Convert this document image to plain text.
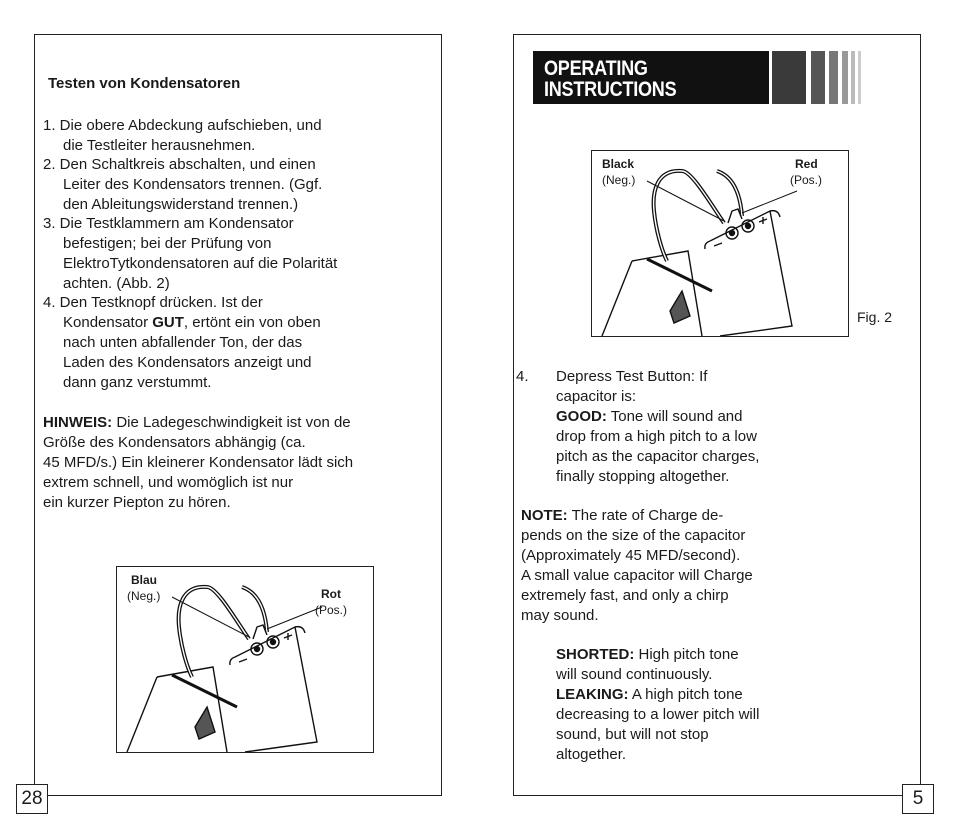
Testen von Kondensatoren
1. Die obere Abdeckung aufschieben, und
die Testleiter herausnehmen.
2. Den Schaltkreis abschalten, und einen
Leiter des Kondensators trennen. (Ggf.
den Ableitungswiderstand trennen.)
3. Die Testklammern am Kondensator
befestigen; bei der Prüfung von
ElektroTytkondensatoren auf die Polarität
achten. (Abb. 2)
4. Den Testknopf drücken. Ist der
Kondensator GUT, ertönt ein von oben
nach unten abfallender Ton, der das
Laden des Kondensators anzeigt und
dann ganz verstummt.
HINWEIS: Die Ladegeschwindigkeit ist von de
Größe des Kondensators abhängig (ca.
45 MFD/s.) Ein kleinerer Kondensator lädt sich
extrem schnell, und womöglich ist nur
ein kurzer Piepton zu hören.
Blau
(Neg.)	Rot
(Pos.)
28
OPERATING
INSTRUCTIONS
Black
(Neg.)
Red
(Pos.)
Fig. 2
4. Depress Test Button: If
capacitor is:
GOOD: Tone will sound and
drop from a high pitch to a low
pitch as the capacitor charges,
finally stopping altogether.
NOTE: The rate of Charge de-
pends on the size of the capacitor
(Approximately 45 MFD/second).
A small value capacitor will Charge
extremely fast, and only a chirp
may sound.
SHORTED: High pitch tone
will sound continuously.
LEAKING: A high pitch tone
decreasing to a lower pitch will
sound, but will not stop
altogether.
5
